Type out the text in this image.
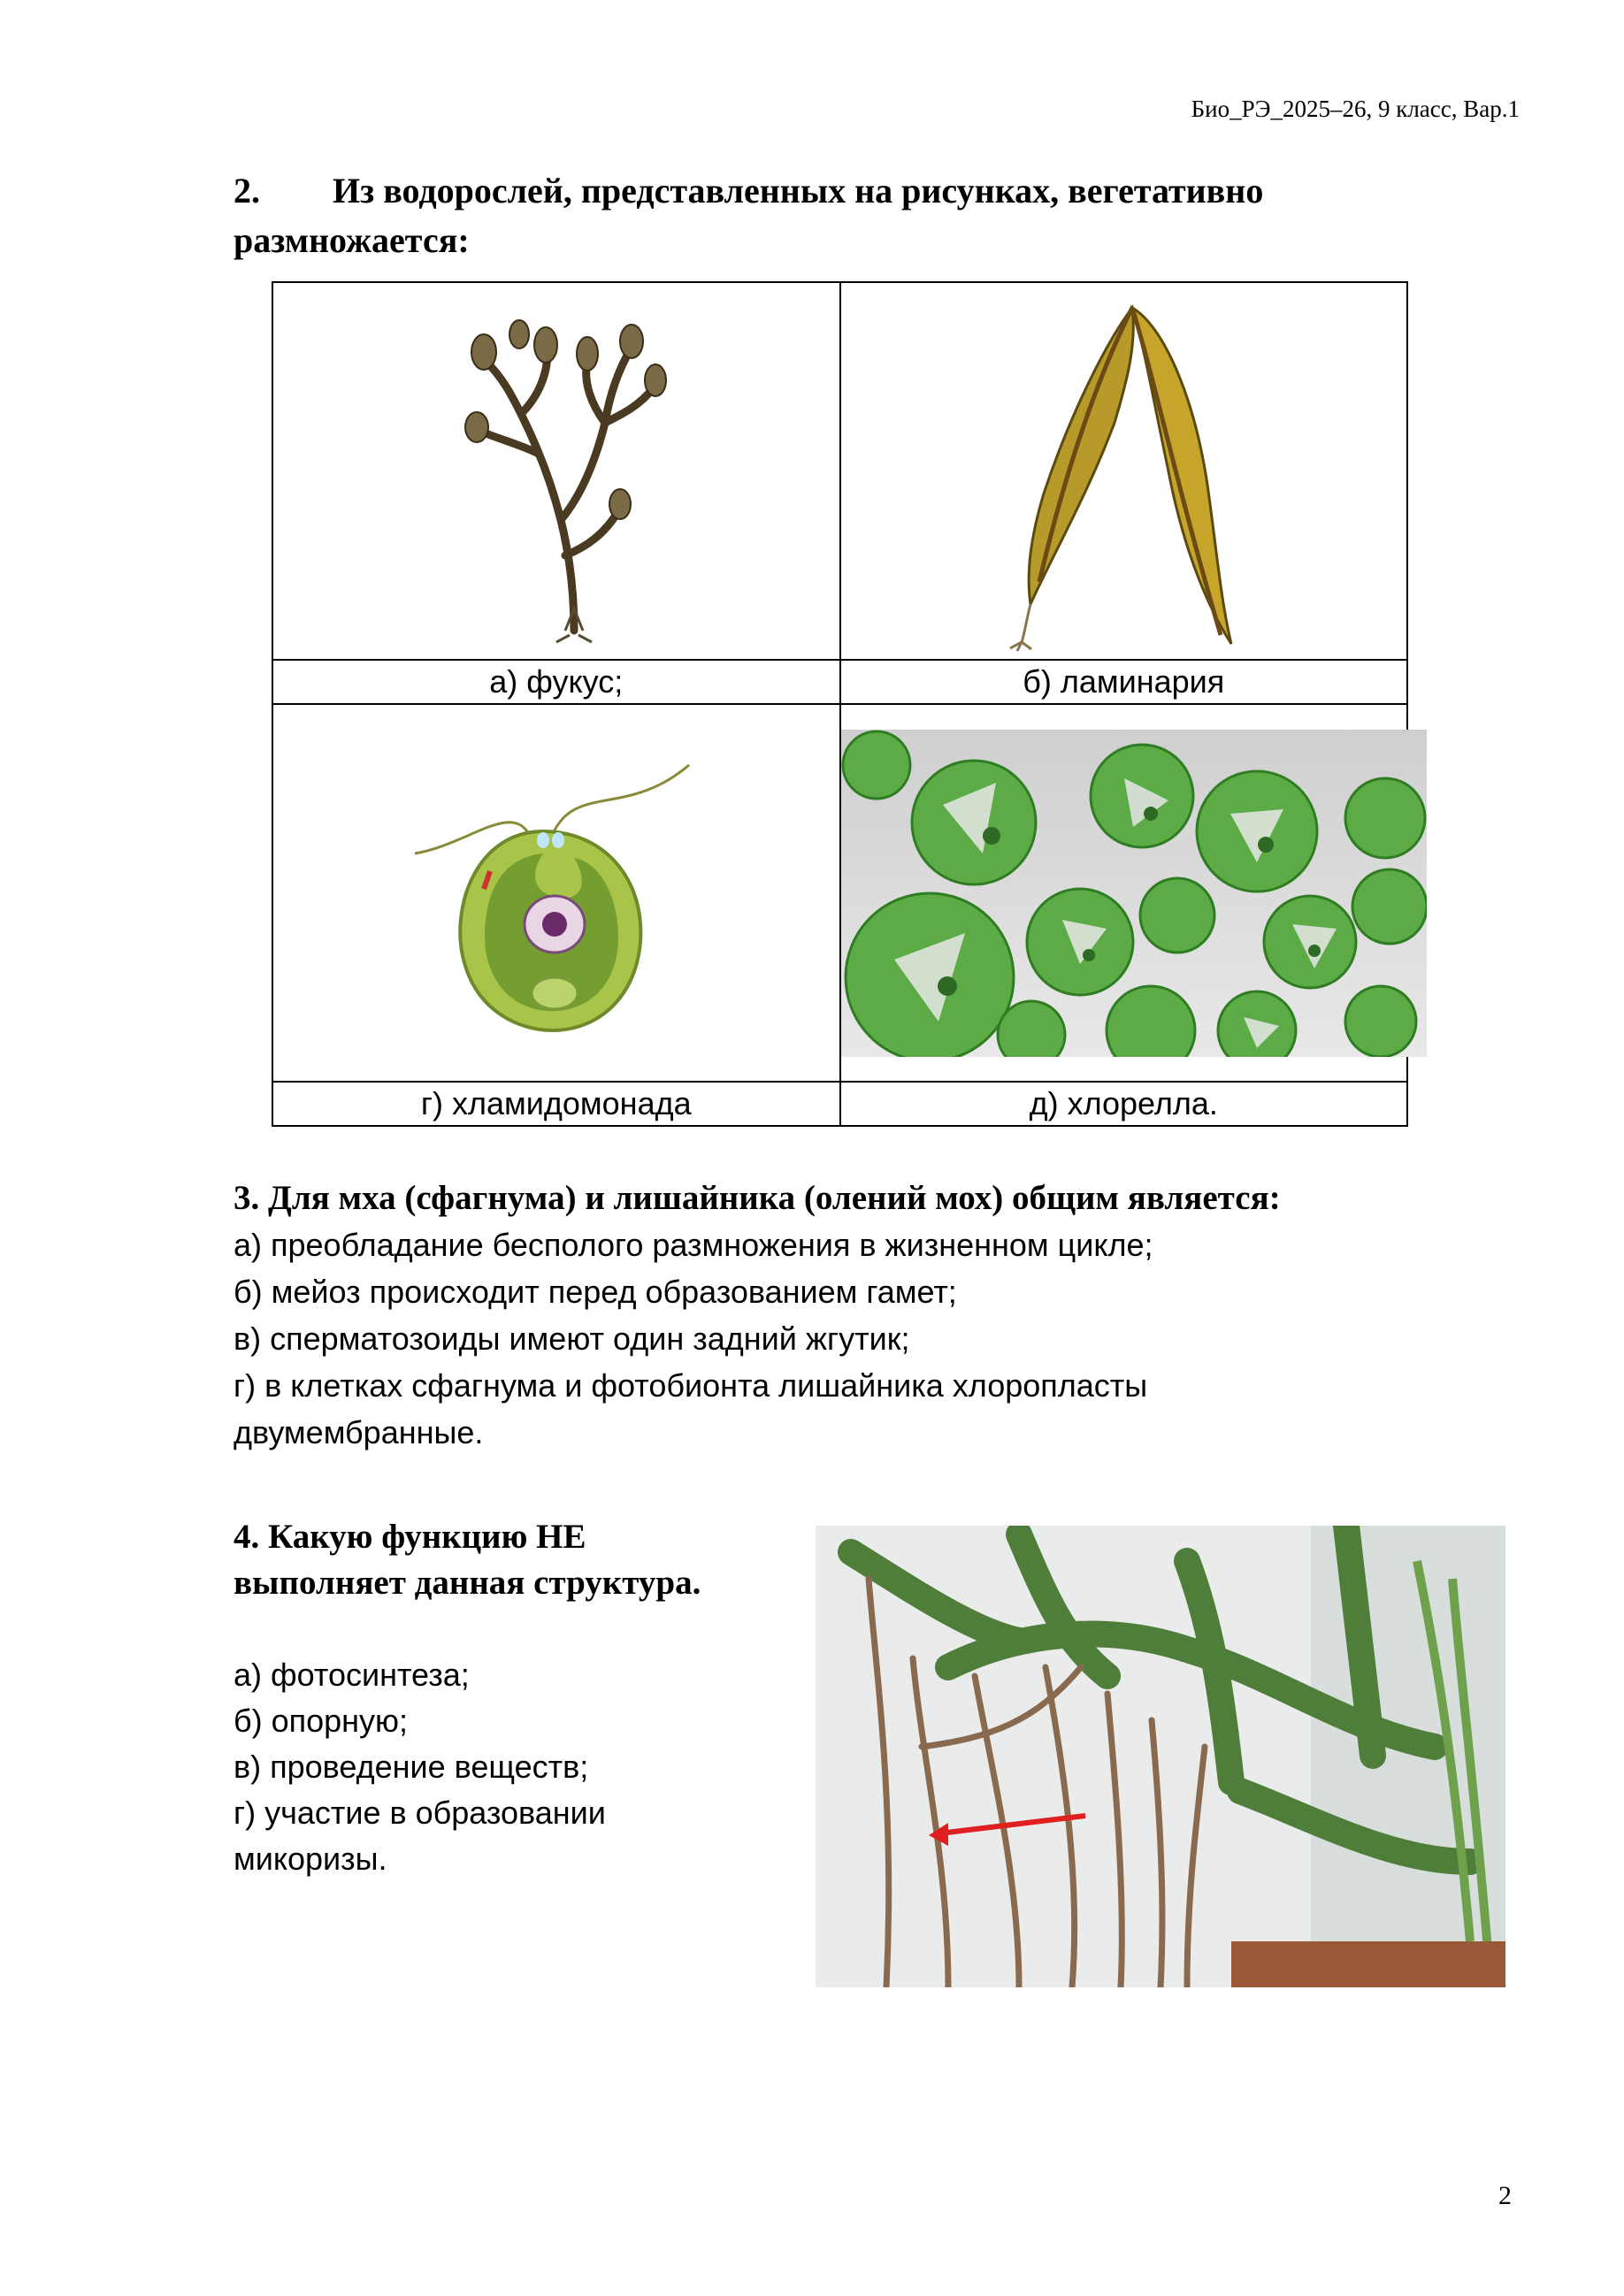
Био_РЭ_2025–26, 9 класс, Вар.1
2. Из водорослей, представленных на рисунках, вегетативно
размножается:

а) фукус;	б) ламинария

г) хламидомонада	д) хлорелла.
3. Для мха (сфагнума) и лишайника (олений мох) общим является:
а) преобладание бесполого размножения в жизненном цикле;
б) мейоз происходит перед образованием гамет;
в) сперматозоиды имеют один задний жгутик;
г) в клетках сфагнума и фотобионта лишайника хлоропласты
двумембранные.
4. Какую функцию НЕ
выполняет данная структура.
а) фотосинтеза;
б) опорную;
в) проведение веществ;
г) участие в образовании
микоризы.
2
